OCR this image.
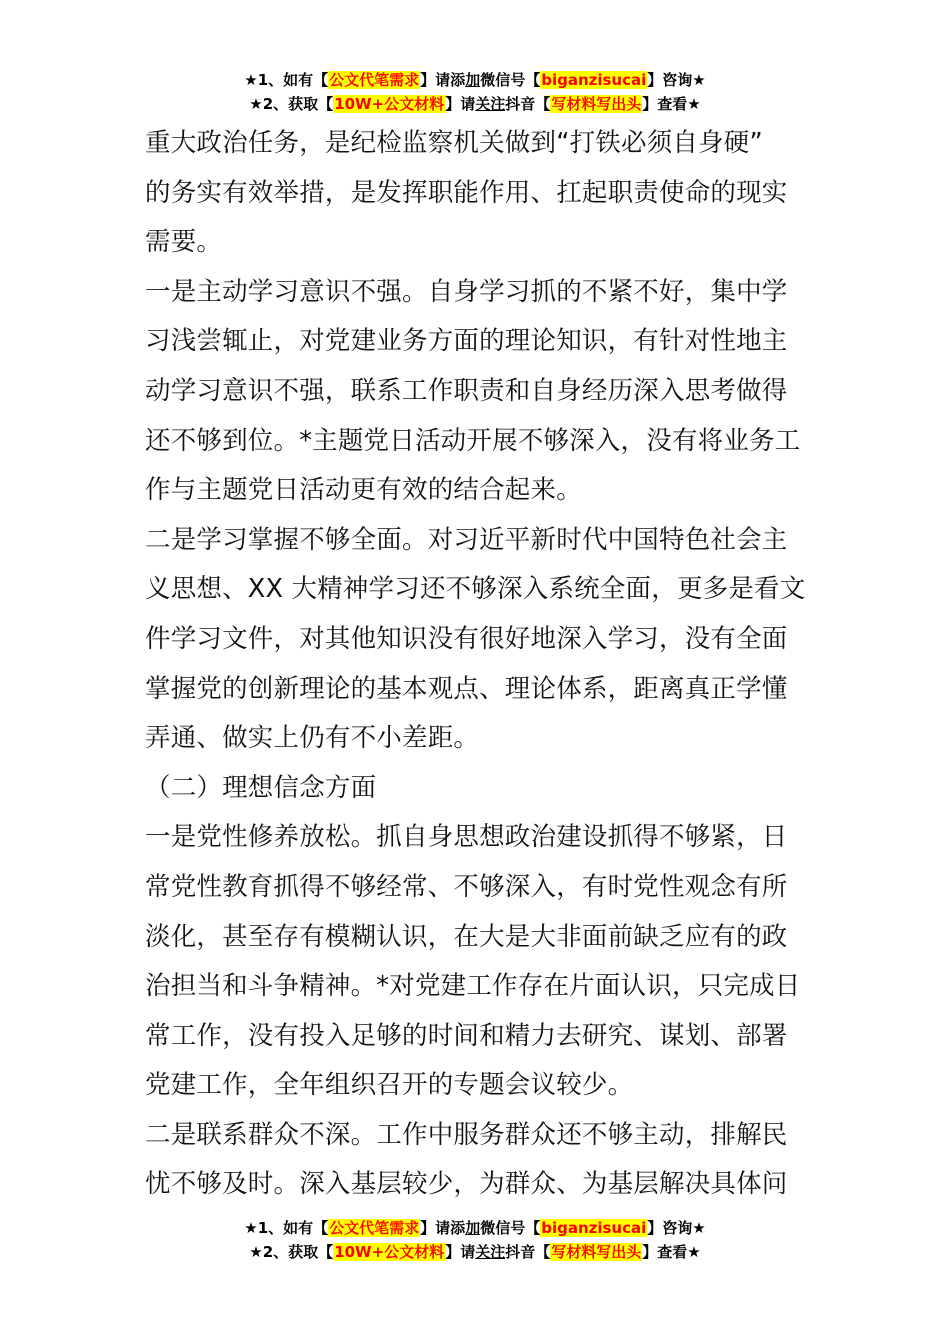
★1、如有【公文代笔需求】请添加微信号【biganzisucai】咨询★
★2、获取【10W+公文材料】请关注抖音【写材料写出头】查看★

重大政治任务，是纪检监察机关做到“打铁必须自身硬”

的务实有效举措，是发挥职能作用、扛起职责使命的现实

需要。

一是主动学习意识不强。自身学习抓的不紧不好，集中学

习浅尝辄止，对党建业务方面的理论知识，有针对性地主

动学习意识不强，联系工作职责和自身经历深入思考做得

还不够到位。*主题党日活动开展不够深入，没有将业务工

作与主题党日活动更有效的结合起来。

二是学习掌握不够全面。对习近平新时代中国特色社会主

义思想、XX 大精神学习还不够深入系统全面，更多是看文

件学习文件，对其他知识没有很好地深入学习，没有全面

掌握党的创新理论的基本观点、理论体系，距离真正学懂

弄通、做实上仍有不小差距。

（二）理想信念方面

一是党性修养放松。抓自身思想政治建设抓得不够紧，日

常党性教育抓得不够经常、不够深入，有时党性观念有所

淡化，甚至存有模糊认识，在大是大非面前缺乏应有的政

治担当和斗争精神。*对党建工作存在片面认识，只完成日

常工作，没有投入足够的时间和精力去研究、谋划、部署

党建工作，全年组织召开的专题会议较少。

二是联系群众不深。工作中服务群众还不够主动，排解民

忧不够及时。深入基层较少，为群众、为基层解决具体问

★1、如有【公文代笔需求】请添加微信号【biganzisucai】咨询★
★2、获取【10W+公文材料】请关注抖音【写材料写出头】查看★
